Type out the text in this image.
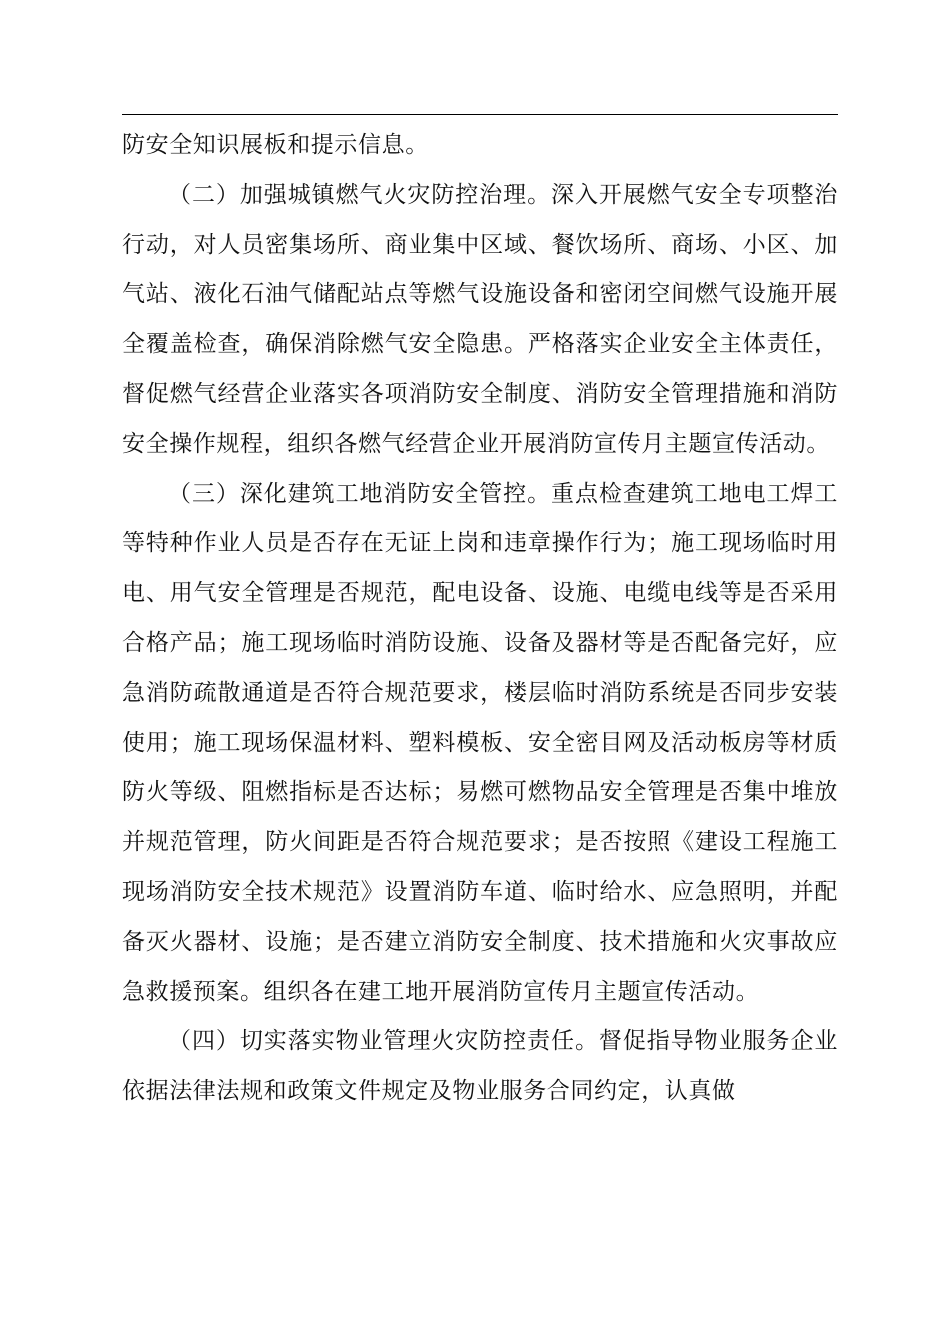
防安全知识展板和提示信息。

（二）加强城镇燃气火灾防控治理。深入开展燃气安全专项整治行动，对人员密集场所、商业集中区域、餐饮场所、商场、小区、加气站、液化石油气储配站点等燃气设施设备和密闭空间燃气设施开展全覆盖检查，确保消除燃气安全隐患。严格落实企业安全主体责任，督促燃气经营企业落实各项消防安全制度、消防安全管理措施和消防安全操作规程，组织各燃气经营企业开展消防宣传月主题宣传活动。

（三）深化建筑工地消防安全管控。重点检查建筑工地电工焊工等特种作业人员是否存在无证上岗和违章操作行为；施工现场临时用电、用气安全管理是否规范，配电设备、设施、电缆电线等是否采用合格产品；施工现场临时消防设施、设备及器材等是否配备完好，应急消防疏散通道是否符合规范要求，楼层临时消防系统是否同步安装使用；施工现场保温材料、塑料模板、安全密目网及活动板房等材质防火等级、阻燃指标是否达标；易燃可燃物品安全管理是否集中堆放并规范管理，防火间距是否符合规范要求；是否按照《建设工程施工现场消防安全技术规范》设置消防车道、临时给水、应急照明，并配备灭火器材、设施；是否建立消防安全制度、技术措施和火灾事故应急救援预案。组织各在建工地开展消防宣传月主题宣传活动。

（四）切实落实物业管理火灾防控责任。督促指导物业服务企业依据法律法规和政策文件规定及物业服务合同约定，认真做
